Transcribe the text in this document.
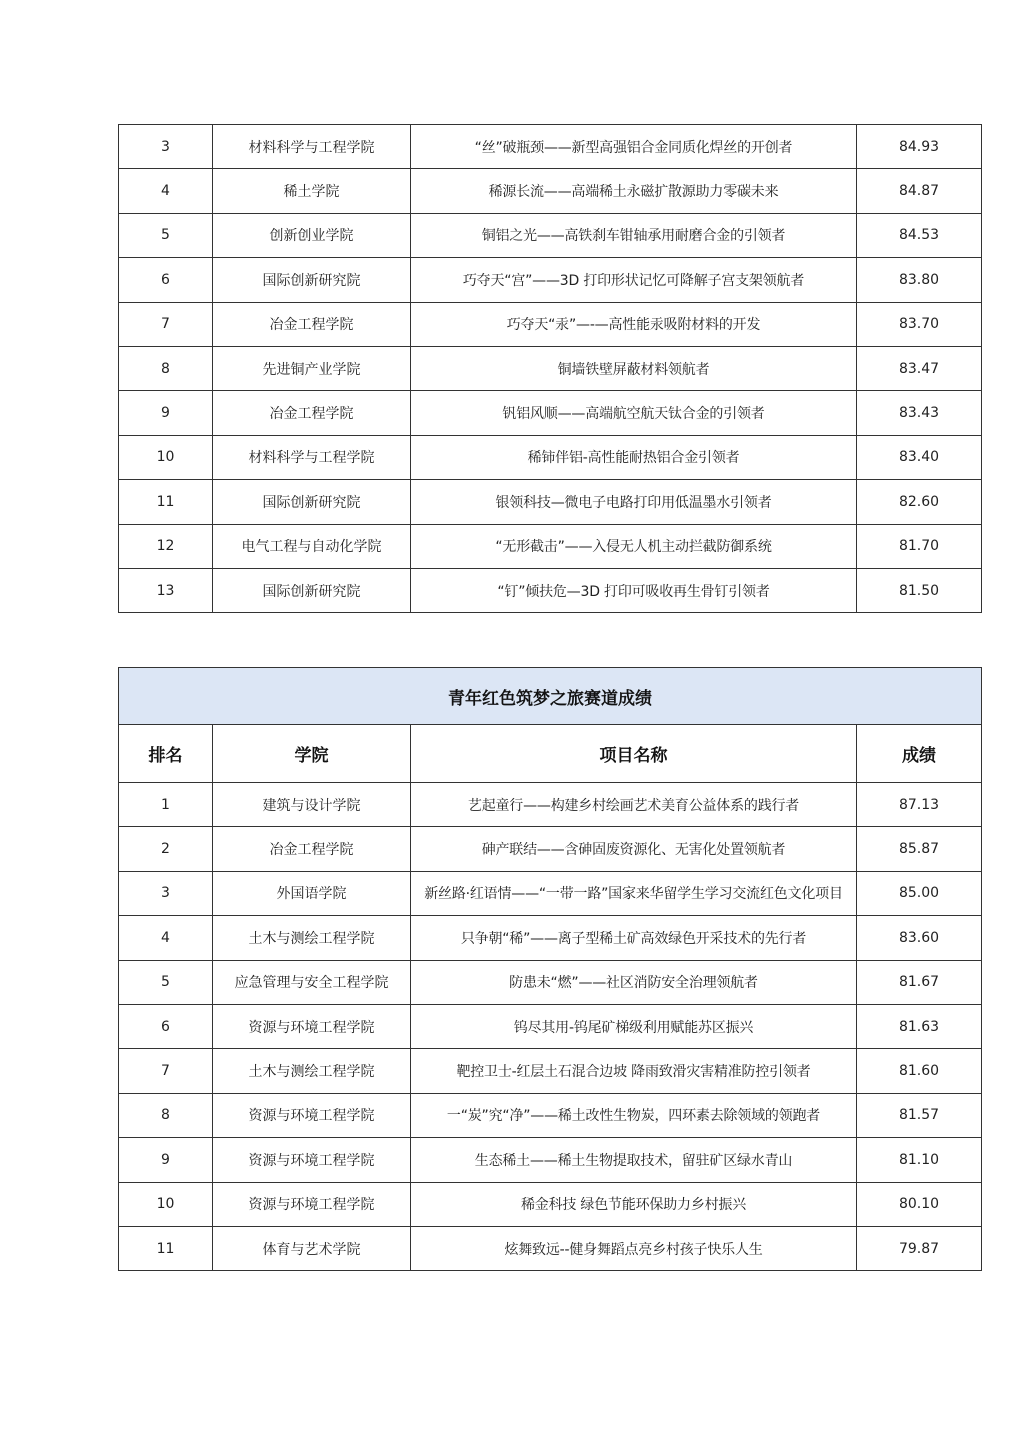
3	材料科学与工程学院	“丝”破瓶颈——新型高强铝合金同质化焊丝的开创者	84.93
4	稀土学院	稀源长流——高端稀土永磁扩散源助力零碳未来	84.87
5	创新创业学院	铜铝之光——高铁刹车钳轴承用耐磨合金的引领者	84.53
6	国际创新研究院	巧夺天“宫”——3D 打印形状记忆可降解子宫支架领航者	83.80
7	冶金工程学院	巧夺天“汞”—-—高性能汞吸附材料的开发	83.70
8	先进铜产业学院	铜墙铁壁屏蔽材料领航者	83.47
9	冶金工程学院	钒铝风顺——高端航空航天钛合金的引领者	83.43
10	材料科学与工程学院	稀铈伴铝-高性能耐热铝合金引领者	83.40
11	国际创新研究院	银领科技—微电子电路打印用低温墨水引领者	82.60
12	电气工程与自动化学院	“无形截击”——入侵无人机主动拦截防御系统	81.70
13	国际创新研究院	“钉”倾扶危—3D 打印可吸收再生骨钉引领者	81.50
青年红色筑梦之旅赛道成绩			
排名	学院	项目名称	成绩
1	建筑与设计学院	艺起童行——构建乡村绘画艺术美育公益体系的践行者	87.13
2	冶金工程学院	砷产联结——含砷固废资源化、无害化处置领航者	85.87
3	外国语学院	新丝路·红语情——“一带一路”国家来华留学生学习交流红色文化项目	85.00
4	土木与测绘工程学院	只争朝“稀”——离子型稀土矿高效绿色开采技术的先行者	83.60
5	应急管理与安全工程学院	防患未“燃”——社区消防安全治理领航者	81.67
6	资源与环境工程学院	钨尽其用-钨尾矿梯级利用赋能苏区振兴	81.63
7	土木与测绘工程学院	靶控卫士-红层土石混合边坡 降雨致滑灾害精准防控引领者	81.60
8	资源与环境工程学院	一“炭”究“净”——稀土改性生物炭，四环素去除领域的领跑者	81.57
9	资源与环境工程学院	生态稀土——稀土生物提取技术，留驻矿区绿水青山	81.10
10	资源与环境工程学院	稀金科技 绿色节能环保助力乡村振兴	80.10
11	体育与艺术学院	炫舞致远--健身舞蹈点亮乡村孩子快乐人生	79.87
